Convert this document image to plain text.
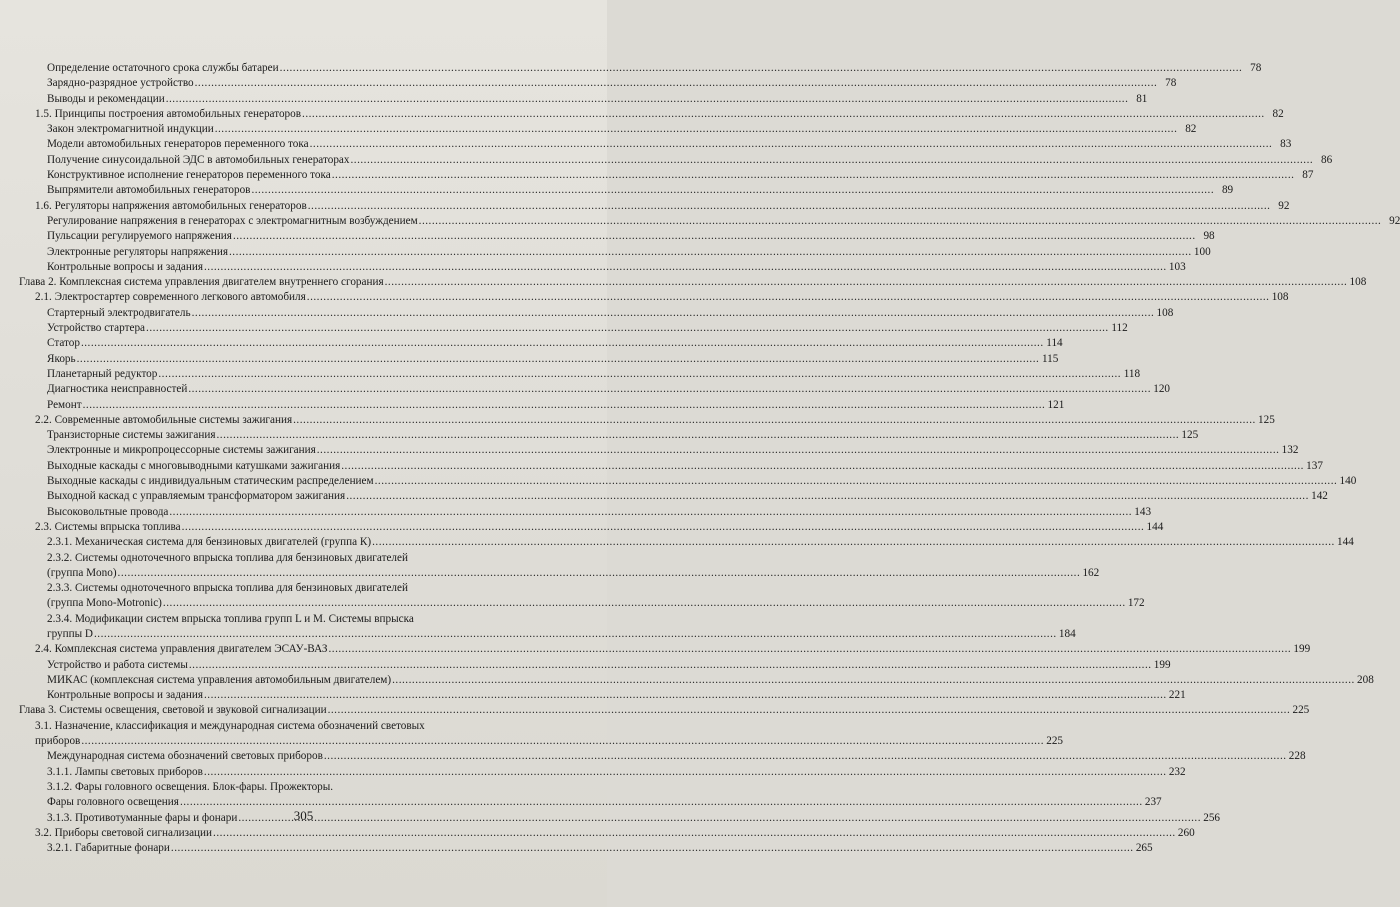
Определение остаточного срока службы батареи .....	78
Зарядно-разрядное устройство .....	78
Выводы и рекомендации .....	81
1.5. Принципы построения автомобильных генераторов .....	82
Закон электромагнитной индукции .....	82
Модели автомобильных генераторов переменного тока .....	83
Получение синусоидальной ЭДС в автомобильных генераторах .....	86
Конструктивное исполнение генераторов переменного тока .....	87
Выпрямители автомобильных генераторов .....	89
1.6. Регуляторы напряжения автомобильных генераторов .....	92
Регулирование напряжения в генераторах с электромагнитным возбуждением .....	92
Пульсации регулируемого напряжения .....	98
Электронные регуляторы напряжения .....	100
Контрольные вопросы и задания .....	103
Глава 2. Комплексная система управления двигателем внутреннего сгорания .....	108
2.1. Электростартер современного легкового автомобиля .....	108
Стартерный электродвигатель .....	108
Устройство стартера .....	112
Статор .....	114
Якорь .....	115
Планетарный редуктор .....	118
Диагностика неисправностей .....	120
Ремонт .....	121
2.2. Современные автомобильные системы зажигания .....	125
Транзисторные системы зажигания .....	125
Электронные и микропроцессорные системы зажигания .....	132
Выходные каскады с многовыводными катушками зажигания .....	137
Выходные каскады с индивидуальным статическим распределением .....	140
Выходной каскад с управляемым трансформатором зажигания .....	142
Высоковольтные провода .....	143
2.3. Системы впрыска топлива .....	144
2.3.1. Механическая система для бензиновых двигателей (группа К) .....	144
2.3.2. Системы одноточечного впрыска топлива для бензиновых двигателей
(группа Mono) .....	162
2.3.3. Системы одноточечного впрыска топлива для бензиновых двигателей
(группа Mono-Motronic) .....	172
2.3.4. Модификации систем впрыска топлива групп L и M. Системы впрыска
группы D .....	184
2.4. Комплексная система управления двигателем ЭСАУ-ВАЗ .....	199
Устройство и работа системы .....	199
МИКАС (комплексная система управления автомобильным двигателем) .....	208
Контрольные вопросы и задания .....	221
Глава 3. Системы освещения, световой и звуковой сигнализации .....	225
3.1. Назначение, классификация и международная система обозначений световых
приборов .....	225
Международная система обозначений световых приборов .....	228
3.1.1. Лампы световых приборов .....	232
3.1.2. Фары головного освещения. Блок-фары. Прожекторы.
Фары головного освещения .....	237
3.1.3. Противотуманные фары и фонари .....	256
3.2. Приборы световой сигнализации .....	260
3.2.1. Габаритные фонари .....	265
305
